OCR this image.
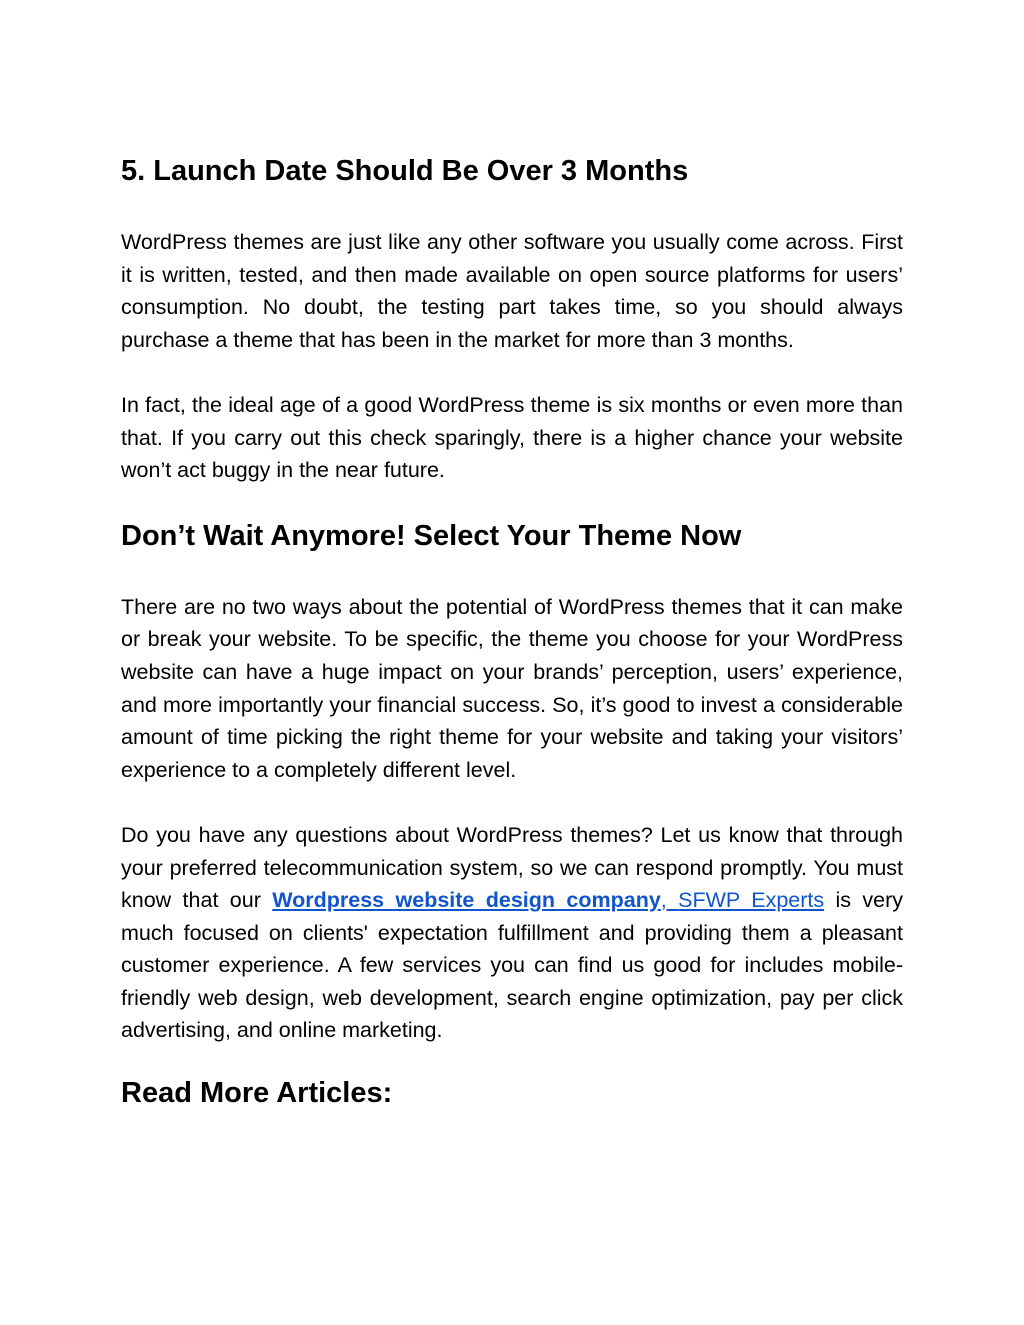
5. Launch Date Should Be Over 3 Months

WordPress themes are just like any other software you usually come across. First it is written, tested, and then made available on open source platforms for users’ consumption. No doubt, the testing part takes time, so you should always purchase a theme that has been in the market for more than 3 months.

In fact, the ideal age of a good WordPress theme is six months or even more than that. If you carry out this check sparingly, there is a higher chance your website won’t act buggy in the near future.

Don’t Wait Anymore! Select Your Theme Now

There are no two ways about the potential of WordPress themes that it can make or break your website. To be specific, the theme you choose for your WordPress website can have a huge impact on your brands’ perception, users’ experience, and more importantly your financial success. So, it’s good to invest a considerable amount of time picking the right theme for your website and taking your visitors’ experience to a completely different level.

Do you have any questions about WordPress themes? Let us know that through your preferred telecommunication system, so we can respond promptly. You must know that our Wordpress website design company, SFWP Experts is very much focused on clients' expectation fulfillment and providing them a pleasant customer experience. A few services you can find us good for includes mobile-friendly web design, web development, search engine optimization, pay per click advertising, and online marketing.

Read More Articles:
